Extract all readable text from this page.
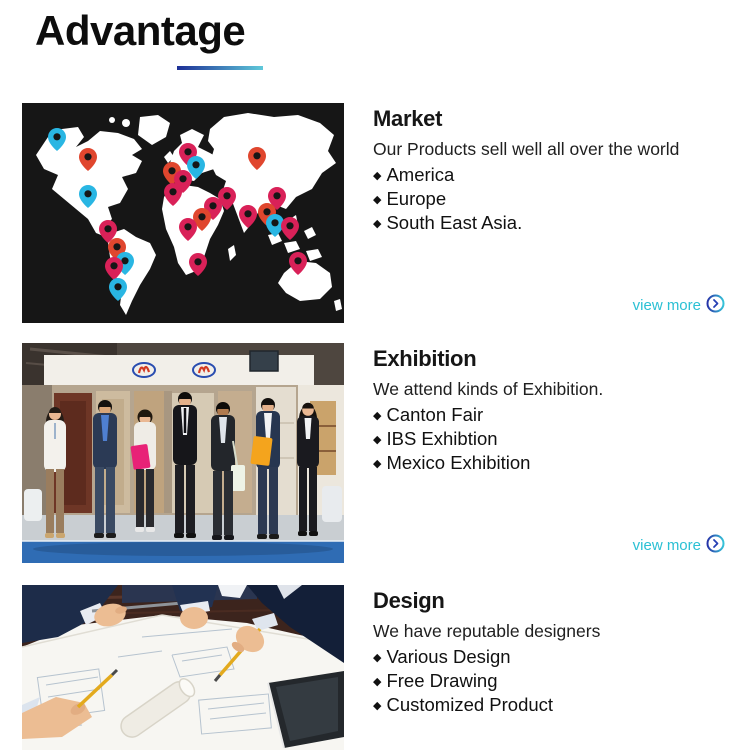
Advantage
Market

Our Products sell well all over the world

◆ America
◆ Europe
◆ South East Asia.
view more
Exhibition

We attend kinds of Exhibition.

◆ Canton Fair
◆ IBS Exhibtion
◆ Mexico Exhibition
view more
Design

We have reputable designers

◆ Various Design
◆ Free Drawing
◆ Customized Product
